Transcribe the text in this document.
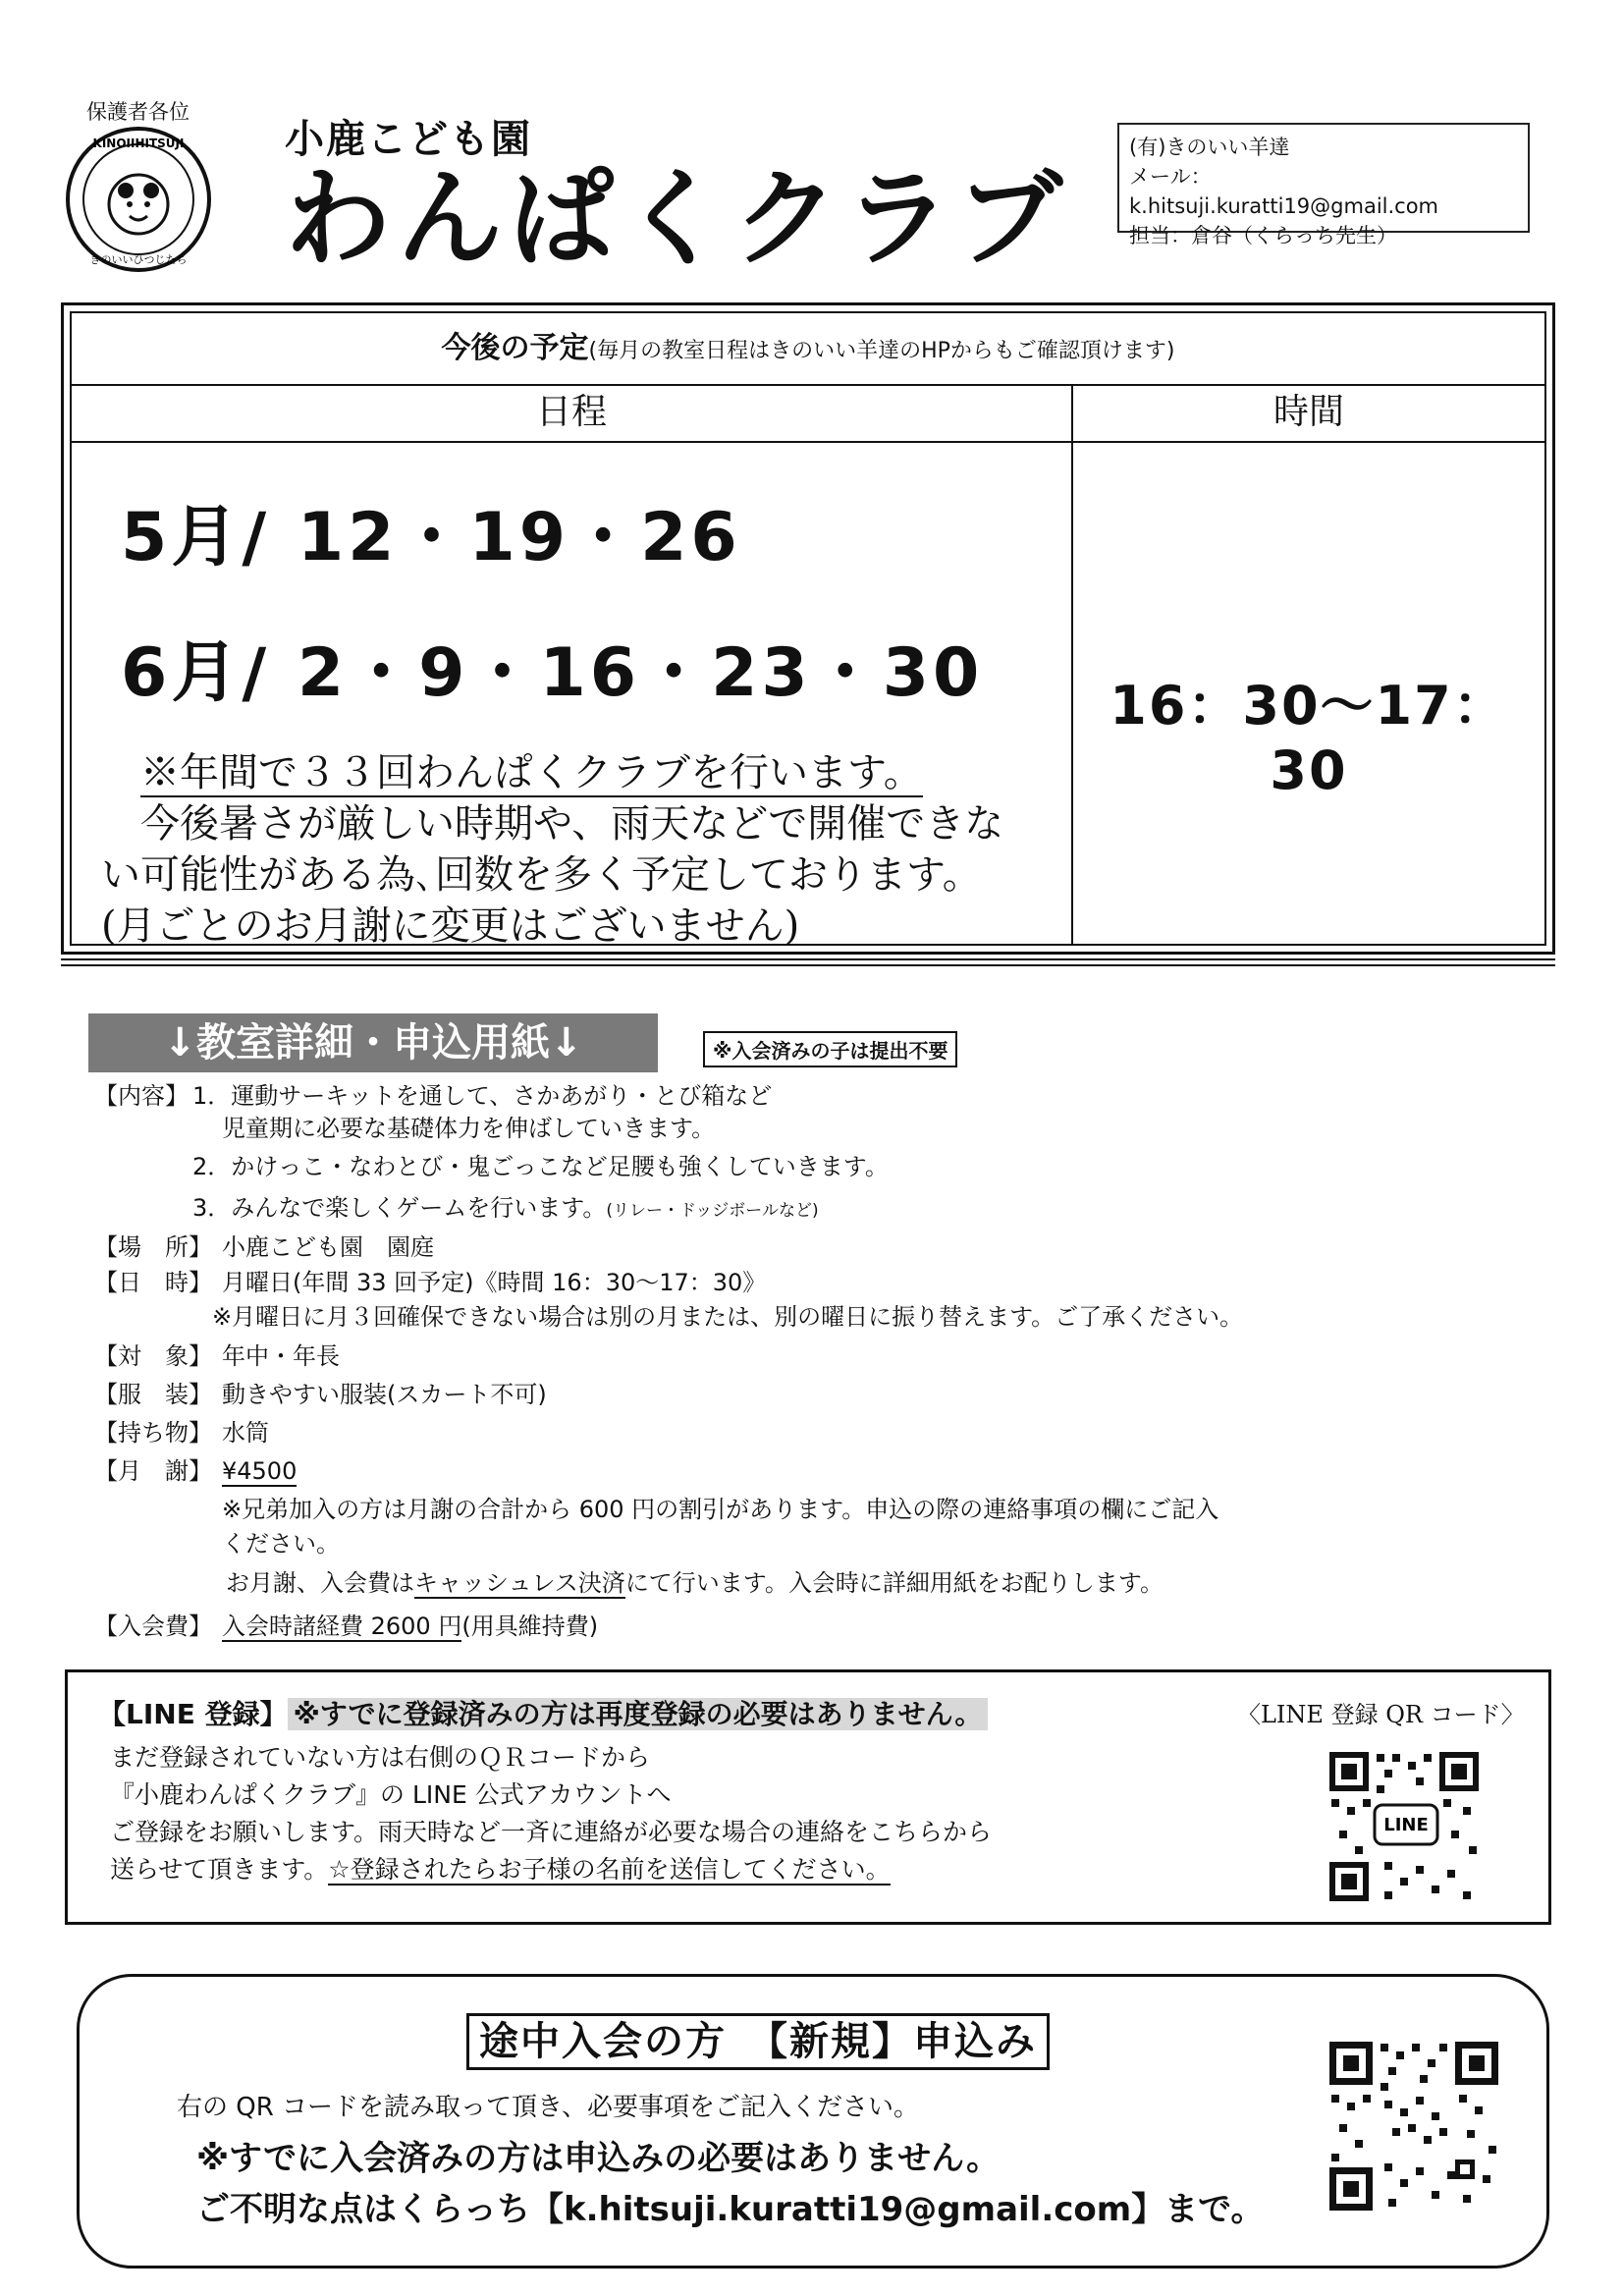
保護者各位
KINOIIHITSUJI
きのいいひつじたち
小鹿こども園
わんぱくクラブ
(有)きのいい羊達
メール：k.hitsuji.kuratti19@gmail.com
担当：倉谷（くらっち先生）
今後の予定(毎月の教室日程はきのいい羊達のHPからもご確認頂けます)
日程	時間
5月/ 12・19・26
6月/ 2・9・16・23・30
※年間で３３回わんぱくクラブを行います。
今後暑さが厳しい時期や、雨天などで開催できな
い可能性がある為､回数を多く予定しております。
(月ごとのお月謝に変更はございません)
16：30〜17：30
↓教室詳細・申込用紙↓	※入会済みの子は提出不要
【内容】 1．運動サーキットを通して、さかあがり・とび箱など
児童期に必要な基礎体力を伸ばしていきます。
2．かけっこ・なわとび・鬼ごっこなど足腰も強くしていきます。
3．みんなで楽しくゲームを行います。(リレー・ドッジボールなど)
【場　所】 小鹿こども園　園庭
【日　時】 月曜日(年間 33 回予定)《時間 16：30〜17：30》
※月曜日に月３回確保できない場合は別の月または、別の曜日に振り替えます。ご了承ください。
【対　象】 年中・年長
【服　装】 動きやすい服装(スカート不可)
【持ち物】 水筒
【月　謝】 ¥4500
※兄弟加入の方は月謝の合計から 600 円の割引があります。申込の際の連絡事項の欄にご記入
ください。
お月謝、入会費はキャッシュレス決済にて行います。入会時に詳細用紙をお配りします。
【入会費】 入会時諸経費 2600 円(用具維持費)
【LINE 登録】 ※すでに登録済みの方は再度登録の必要はありません。	〈LINE 登録 QR コード〉
まだ登録されていない方は右側のＱＲコードから
『小鹿わんぱくクラブ』の LINE 公式アカウントへ
ご登録をお願いします。雨天時など一斉に連絡が必要な場合の連絡をこちらから
送らせて頂きます。☆登録されたらお子様の名前を送信してください。
LINE
途中入会の方　【新規】申込み
右の QR コードを読み取って頂き、必要事項をご記入ください。
※すでに入会済みの方は申込みの必要はありません。
ご不明な点はくらっち【k.hitsuji.kuratti19@gmail.com】まで。
